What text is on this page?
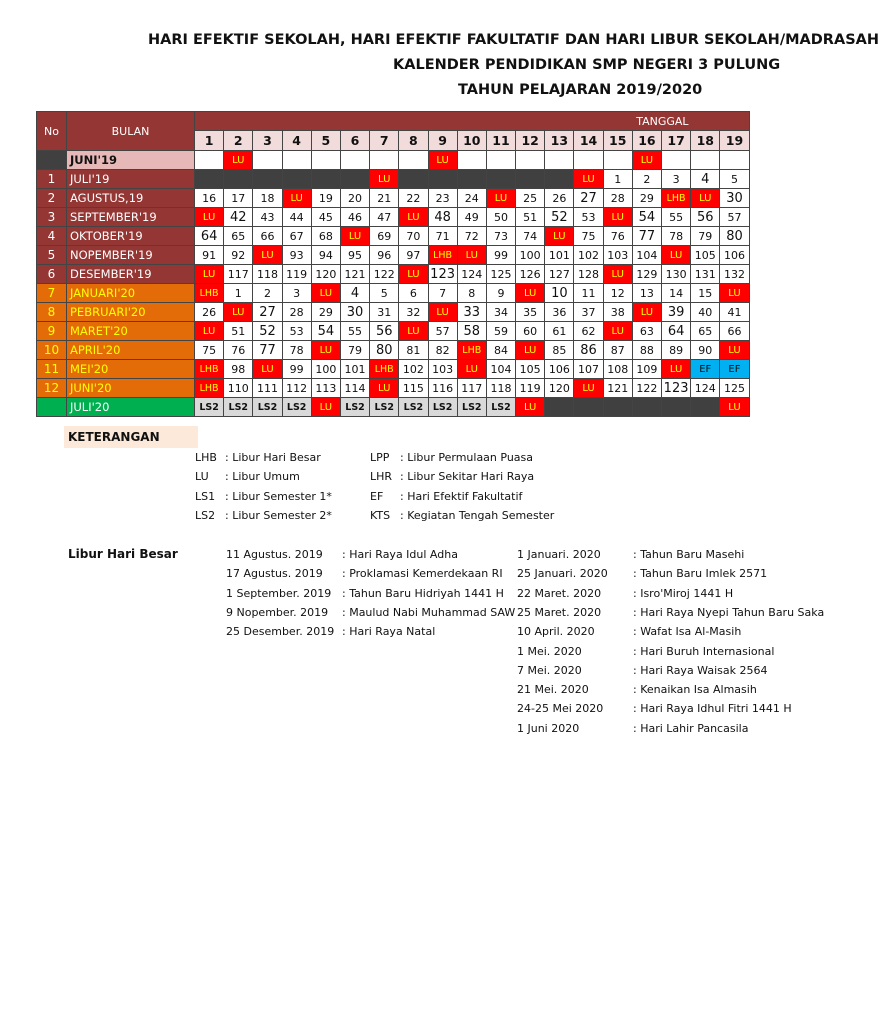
HARI EFEKTIF SEKOLAH, HARI EFEKTIF FAKULTATIF DAN HARI LIBUR SEKOLAH/MADRASAH
KALENDER PENDIDIKAN SMP NEGERI 3 PULUNG
TAHUN PELAJARAN 2019/2020
No	BULAN	TANGGAL																		
		1	2	3	4	5	6	7	8	9	10	11	12	13	14	15	16	17	18	19
	JUNI'19		LU							LU							LU			
1	JULI'19							LU							LU	1	2	3	4	5
2	AGUSTUS,19	16	17	18	LU	19	20	21	22	23	24	LU	25	26	27	28	29	LHB	LU	30
3	SEPTEMBER'19	LU	42	43	44	45	46	47	LU	48	49	50	51	52	53	LU	54	55	56	57
4	OKTOBER'19	64	65	66	67	68	LU	69	70	71	72	73	74	LU	75	76	77	78	79	80
5	NOPEMBER'19	91	92	LU	93	94	95	96	97	LHB	LU	99	100	101	102	103	104	LU	105	106
6	DESEMBER'19	LU	117	118	119	120	121	122	LU	123	124	125	126	127	128	LU	129	130	131	132
7	JANUARI'20	LHB	1	2	3	LU	4	5	6	7	8	9	LU	10	11	12	13	14	15	LU
8	PEBRUARI'20	26	LU	27	28	29	30	31	32	LU	33	34	35	36	37	38	LU	39	40	41
9	MARET'20	LU	51	52	53	54	55	56	LU	57	58	59	60	61	62	LU	63	64	65	66
10	APRIL'20	75	76	77	78	LU	79	80	81	82	LHB	84	LU	85	86	87	88	89	90	LU
11	MEI'20	LHB	98	LU	99	100	101	LHB	102	103	LU	104	105	106	107	108	109	LU	EF	EF
12	JUNI'20	LHB	110	111	112	113	114	LU	115	116	117	118	119	120	LU	121	122	123	124	125
	JULI'20	LS2	LS2	LS2	LS2	LU	LS2	LS2	LS2	LS2	LS2	LS2	LU							LU
KETERANGAN
LHB : Libur Hari Besar
LU : Libur Umum
LS1 : Libur Semester 1*
LS2 : Libur Semester 2*
LPP : Libur Permulaan Puasa
LHR : Libur Sekitar Hari Raya
EF : Hari Efektif Fakultatif
KTS : Kegiatan Tengah Semester
Libur Hari Besar	11 Agustus. 2019 : Hari Raya Idul Adha
17 Agustus. 2019 : Proklamasi Kemerdekaan RI
1 September. 2019 : Tahun Baru Hidriyah 1441 H
9 Nopember. 2019 : Maulud Nabi Muhammad SAW
25 Desember. 2019 : Hari Raya Natal
1 Januari. 2020	: Tahun Baru Masehi
25 Januari. 2020 : Tahun Baru Imlek 2571
22 Maret. 2020	: Isro'Miroj 1441 H
25 Maret. 2020	: Hari Raya Nyepi Tahun Baru Saka
10 April. 2020	: Wafat Isa Al-Masih
1 Mei. 2020	: Hari Buruh Internasional
7 Mei. 2020	: Hari Raya Waisak 2564
21 Mei. 2020	: Kenaikan Isa Almasih
24-25 Mei 2020	: Hari Raya Idhul Fitri 1441 H
1 Juni 2020	: Hari Lahir Pancasila
